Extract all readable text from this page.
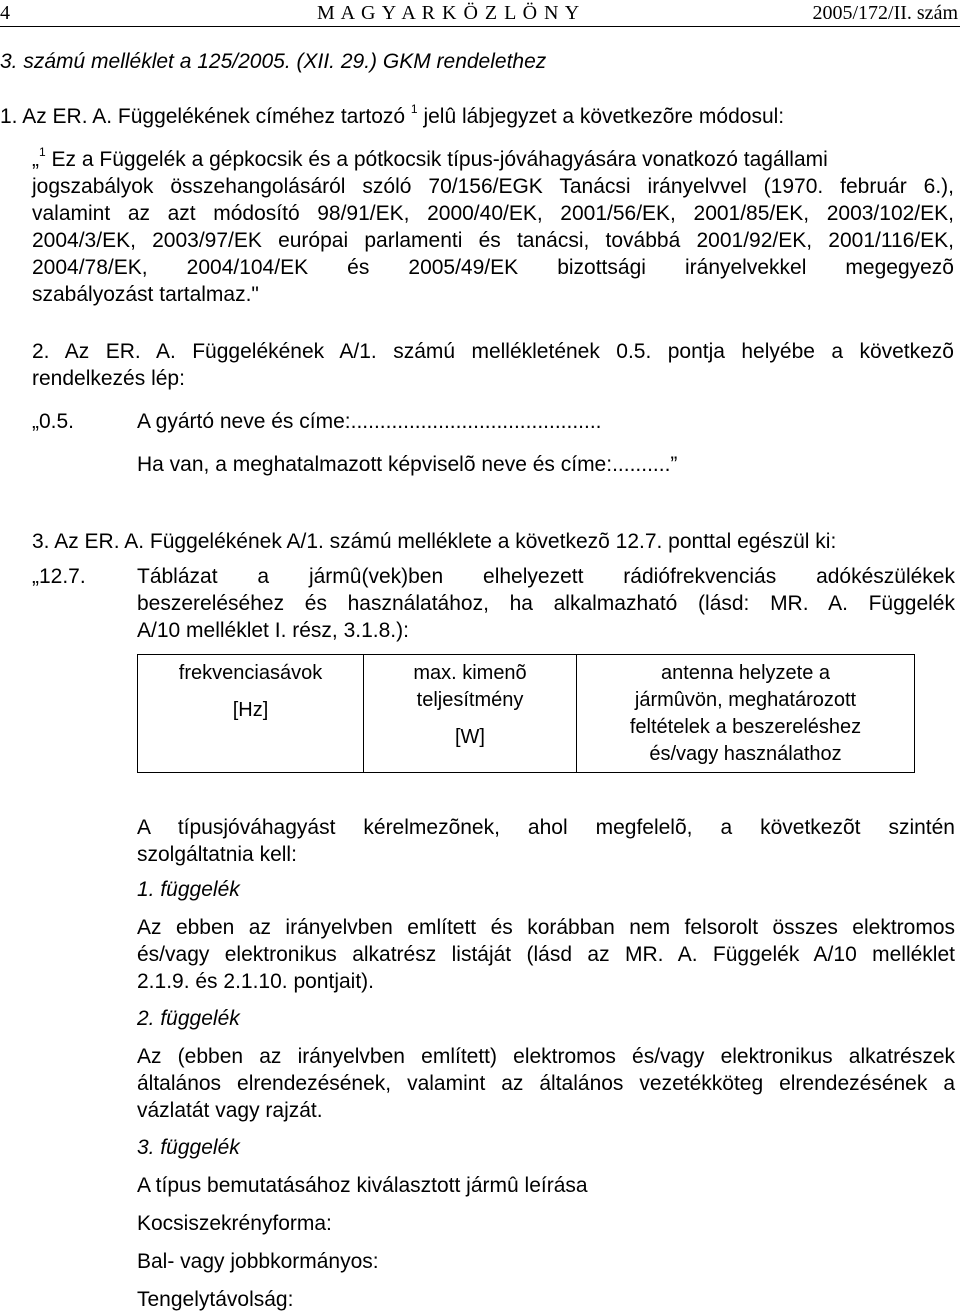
4	M A G Y A R K Ö Z L Ö N Y	2005/172/II. szám
3. számú melléklet a 125/2005. (XII. 29.) GKM rendelethez
1. Az ER. A. Függelékének címéhez tartozó $^1$ jelû lábjegyzet a következõre módosul:
„$^1$ Ez a Függelék a gépkocsik és a pótkocsik típus-jóváhagyására vonatkozó tagállami
jogszabályok összehangolásáról szóló 70/156/EGK Tanácsi irányelvvel (1970. február 6.),
valamint az azt módosító 98/91/EK, 2000/40/EK, 2001/56/EK, 2001/85/EK, 2003/102/EK,
2004/3/EK, 2003/97/EK európai parlamenti és tanácsi, továbbá 2001/92/EK, 2001/116/EK,
2004/78/EK, 2004/104/EK és 2005/49/EK bizottsági irányelvekkel megegyezõ
szabályozást tartalmaz."
2. Az ER. A. Függelékének A/1. számú mellékletének 0.5. pontja helyébe a következõ
rendelkezés lép:
„0.5.	A gyártó neve és címe:...........................................
Ha van, a meghatalmazott képviselõ neve és címe:..........”
3. Az ER. A. Függelékének A/1. számú melléklete a következõ 12.7. ponttal egészül ki:
„12.7. Táblázat a jármû(vek)ben elhelyezett rádiófrekvenciás adókészülékek
beszereléséhez és használatához, ha alkalmazható (lásd: MR. A. Függelék
A/10 melléklet I. rész, 3.1.8.):
frekvenciasávok
[Hz]

max. kimenõ
teljesítmény
[W]

antenna helyzete a
jármûvön, meghatározott
feltételek a beszereléshez
és/vagy használathoz
A típusjóváhagyást kérelmezõnek, ahol megfelelõ, a következõt szintén
szolgáltatnia kell:
1. függelék
Az ebben az irányelvben említett és korábban nem felsorolt összes elektromos
és/vagy elektronikus alkatrész listáját (lásd az MR. A. Függelék A/10 melléklet
2.1.9. és 2.1.10. pontjait).
2. függelék
Az (ebben az irányelvben említett) elektromos és/vagy elektronikus alkatrészek
általános elrendezésének, valamint az általános vezetékköteg elrendezésének a
vázlatát vagy rajzát.
3. függelék
A típus bemutatásához kiválasztott jármû leírása
Kocsiszekrényforma:
Bal- vagy jobbkormányos:
Tengelytávolság:
